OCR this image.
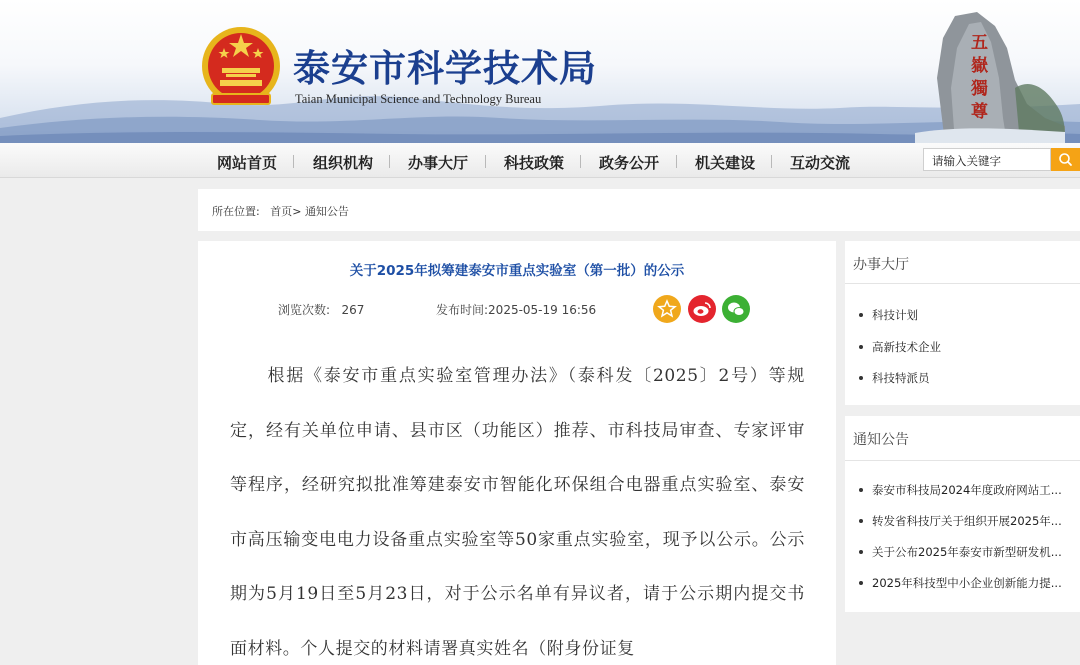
泰安市科学技术局
Taian Municipal Science and Technology Bureau
五
嶽
獨
尊
网站首页 组织机构 办事大厅 科技政策 政务公开 机关建设 互动交流	请输入关键字
所在位置: 首页> 通知公告
关于2025年拟筹建泰安市重点实验室（第一批）的公示
浏览次数: 267	发布时间:2025-05-19 16:56
　　根据《泰安市重点实验室管理办法》（泰科发〔2025〕2号）等规定，经有关单位申请、县市区（功能区）推荐、市科技局审查、专家评审等程序，经研究拟批准筹建泰安市智能化环保组合电器重点实验室、泰安市高压输变电电力设备重点实验室等50家重点实验室，现予以公示。公示期为5月19日至5月23日，对于公示名单有异议者，请于公示期内提交书面材料。个人提交的材料请署真实姓名（附身份证复
办事大厅
科技计划
高新技术企业
科技特派员
通知公告
泰安市科技局2024年度政府网站工...
转发省科技厅关于组织开展2025年...
关于公布2025年泰安市新型研发机...
2025年科技型中小企业创新能力提...
